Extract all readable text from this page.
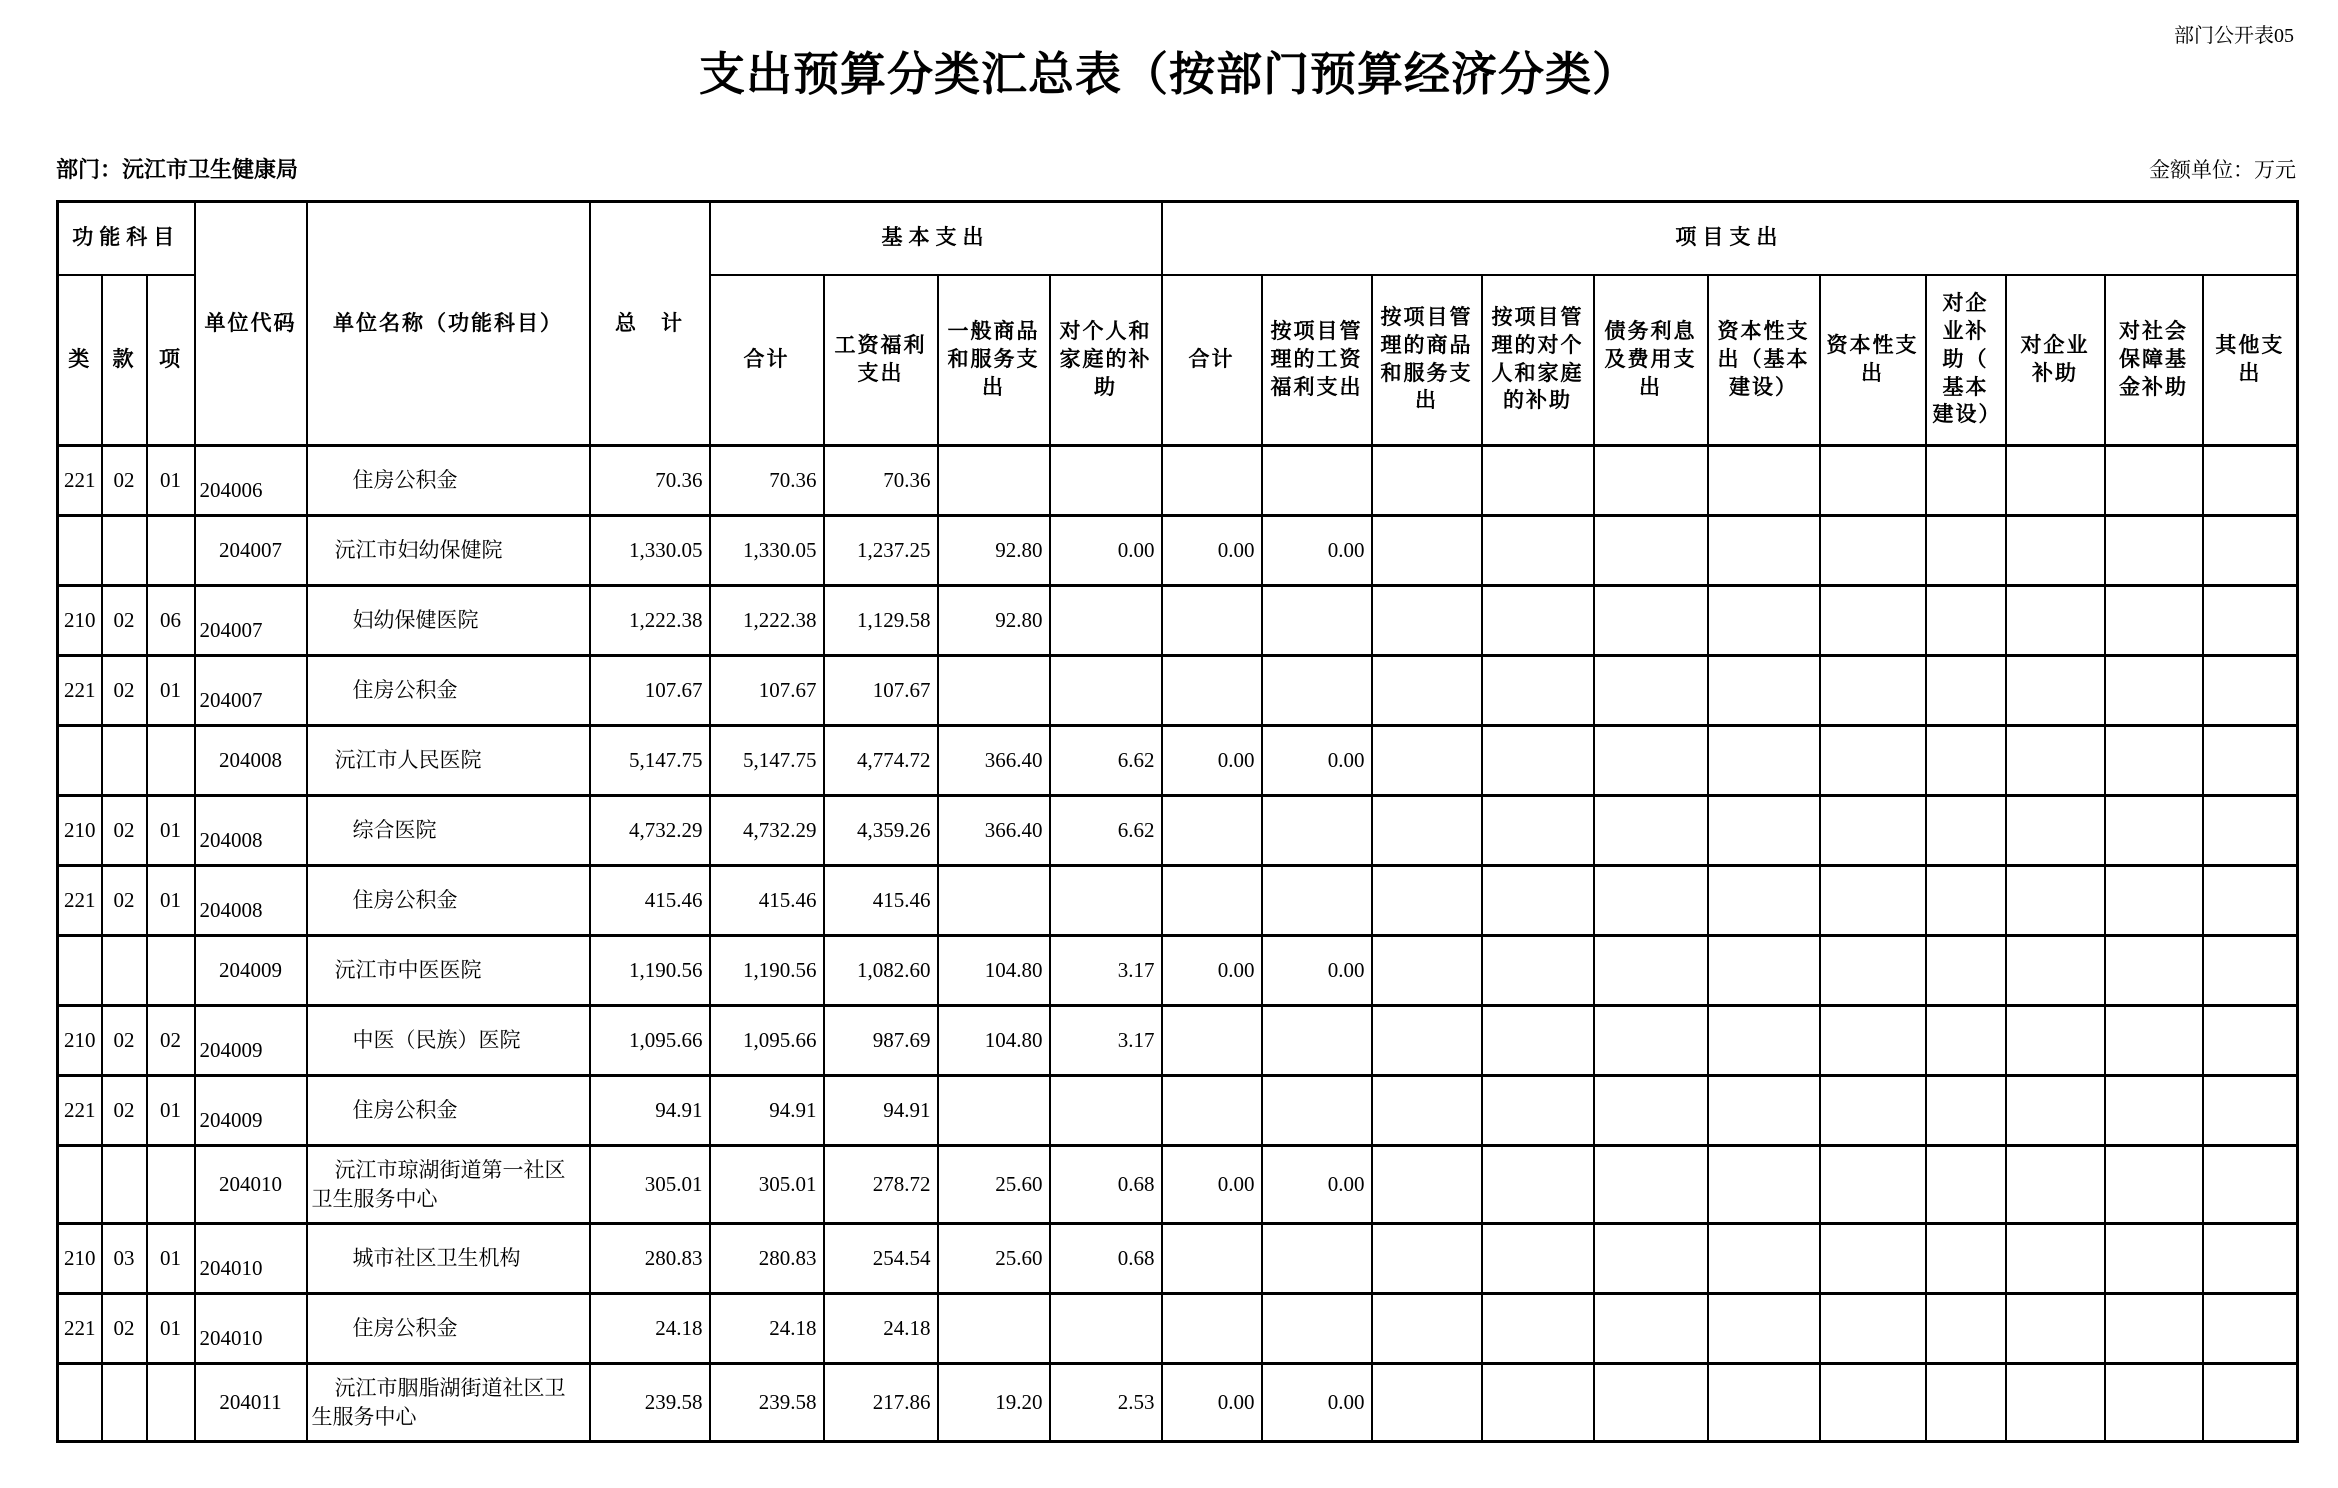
部门公开表05
支出预算分类汇总表（按部门预算经济分类）
部门：沅江市卫生健康局	金额单位：万元
功能科目			单位代码	单位名称（功能科目）	总　计	基本支出				项目支出										
类	款	项				合计	工资福利支出	一般商品和服务支出	对个人和家庭的补助	合计	按项目管理的工资福利支出	按项目管理的商品和服务支出	按项目管理的对个人和家庭的补助	债务利息及费用支出	资本性支出（基本建设）	资本性支出	对企业补助（基本建设）	对企业补助	对社会保障基金补助	其他支出
221	02	01	204006	住房公积金	70.36	70.36	70.36													
			204007	沅江市妇幼保健院	1,330.05	1,330.05	1,237.25	92.80	0.00	0.00	0.00									
210	02	06	204007	妇幼保健医院	1,222.38	1,222.38	1,129.58	92.80												
221	02	01	204007	住房公积金	107.67	107.67	107.67													
			204008	沅江市人民医院	5,147.75	5,147.75	4,774.72	366.40	6.62	0.00	0.00									
210	02	01	204008	综合医院	4,732.29	4,732.29	4,359.26	366.40	6.62											
221	02	01	204008	住房公积金	415.46	415.46	415.46													
			204009	沅江市中医医院	1,190.56	1,190.56	1,082.60	104.80	3.17	0.00	0.00									
210	02	02	204009	中医（民族）医院	1,095.66	1,095.66	987.69	104.80	3.17											
221	02	01	204009	住房公积金	94.91	94.91	94.91													
			204010	沅江市琼湖街道第一社区卫生服务中心	305.01	305.01	278.72	25.60	0.68	0.00	0.00									
210	03	01	204010	城市社区卫生机构	280.83	280.83	254.54	25.60	0.68											
221	02	01	204010	住房公积金	24.18	24.18	24.18													
			204011	沅江市胭脂湖街道社区卫生服务中心	239.58	239.58	217.86	19.20	2.53	0.00	0.00									
